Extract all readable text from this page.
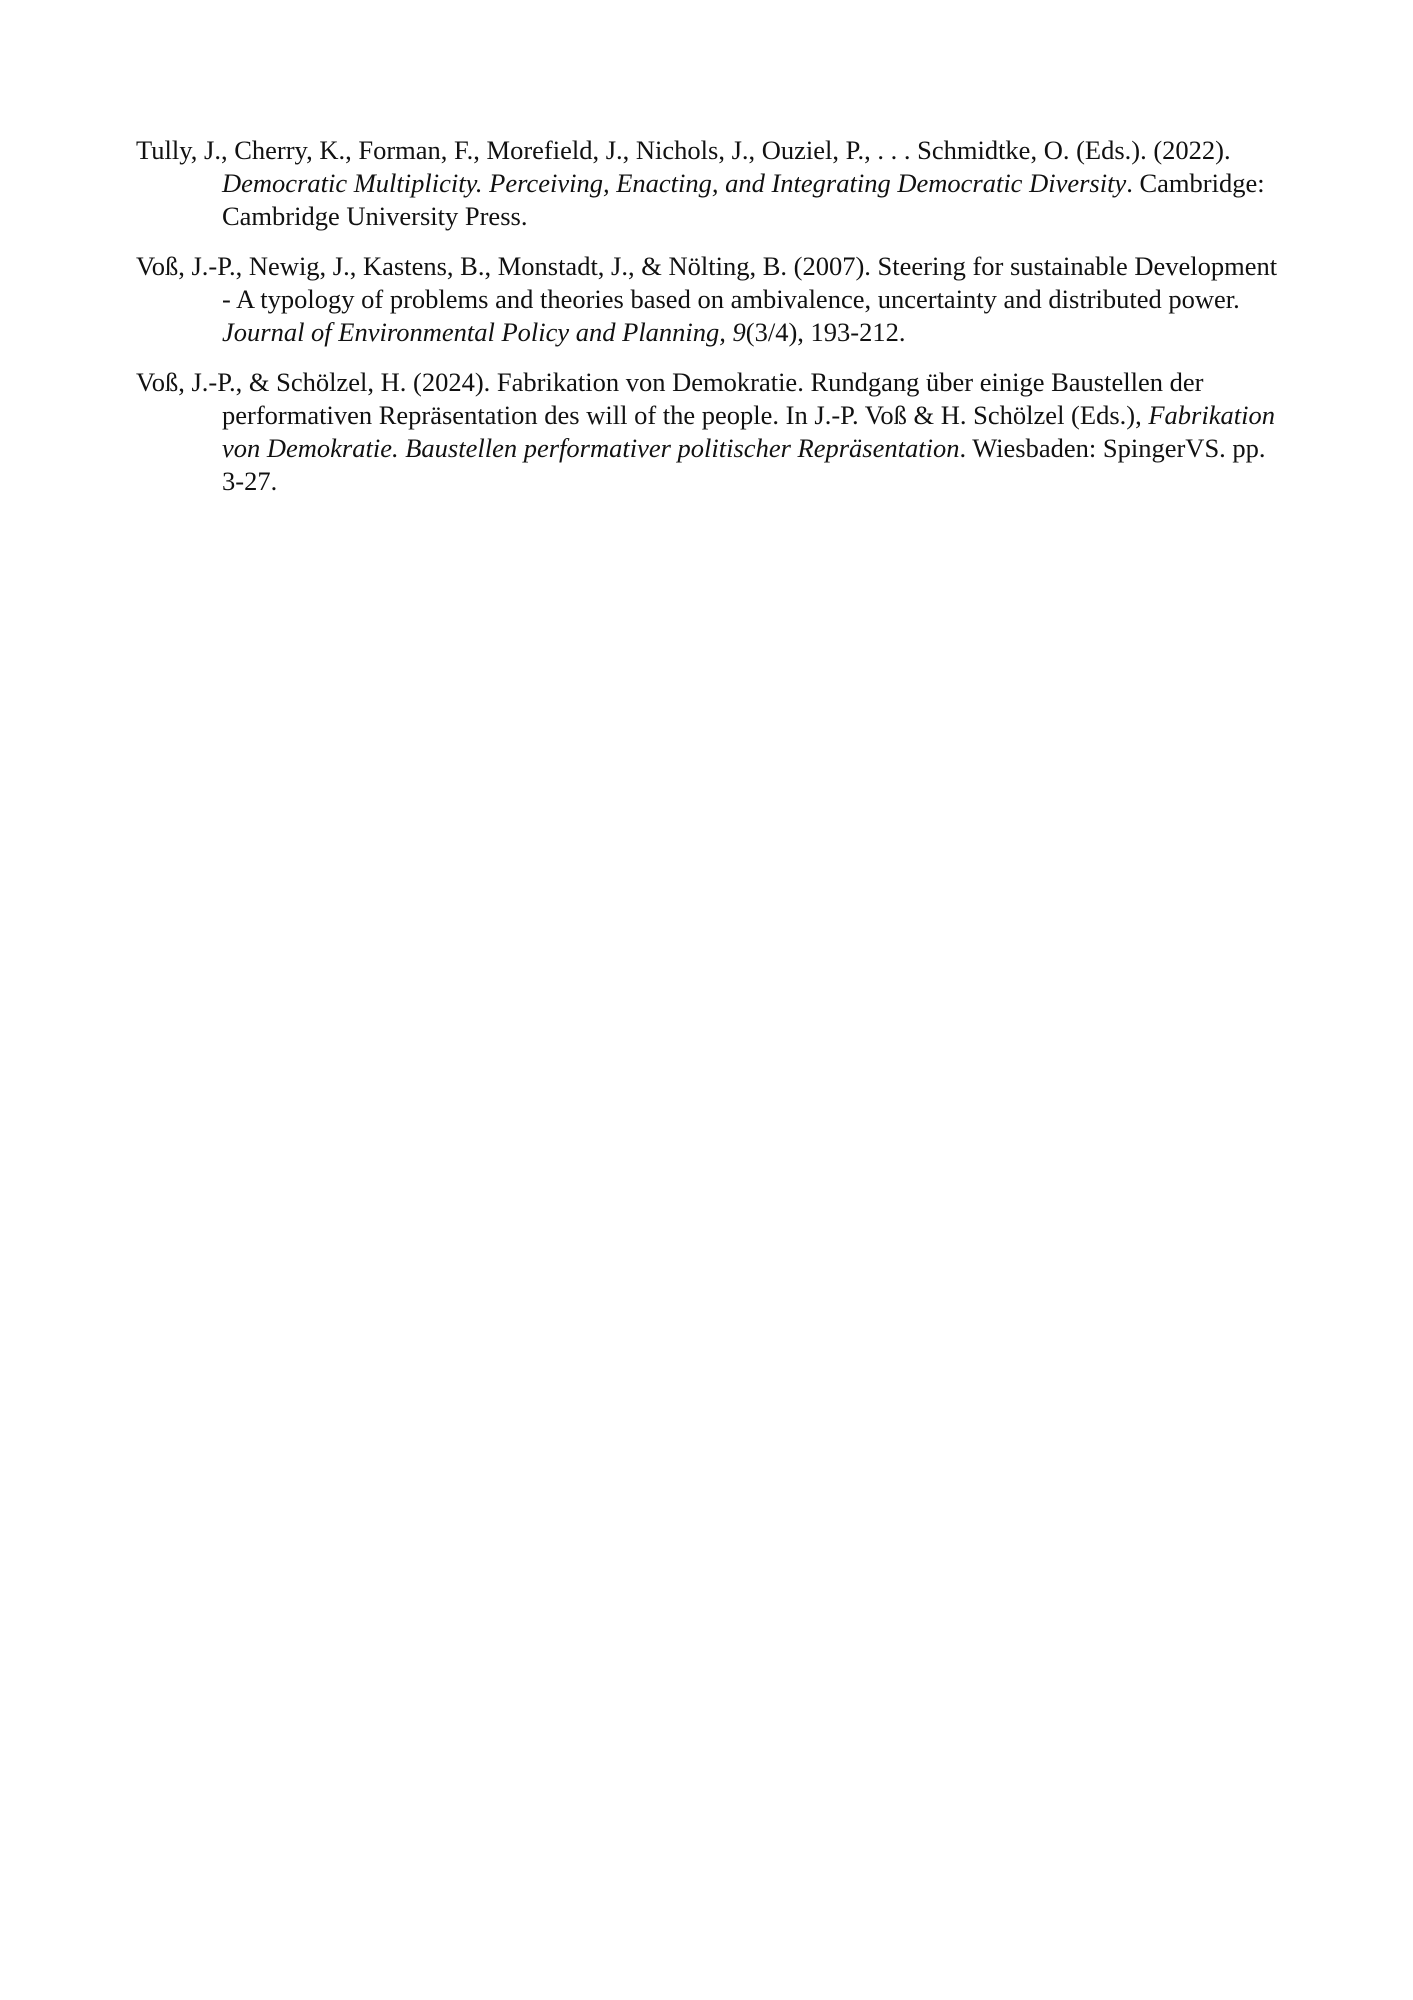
Tully, J., Cherry, K., Forman, F., Morefield, J., Nichols, J., Ouziel, P., . . . Schmidtke, O. (Eds.). (2022). Democratic Multiplicity. Perceiving, Enacting, and Integrating Democratic Diversity. Cambridge: Cambridge University Press.

Voß, J.-P., Newig, J., Kastens, B., Monstadt, J., & Nölting, B. (2007). Steering for sustainable Development - A typology of problems and theories based on ambivalence, uncertainty and distributed power. Journal of Environmental Policy and Planning, 9(3/4), 193-212.

Voß, J.-P., & Schölzel, H. (2024). Fabrikation von Demokratie. Rundgang über einige Baustellen der performativen Repräsentation des will of the people. In J.-P. Voß & H. Schölzel (Eds.), Fabrikation von Demokratie. Baustellen performativer politischer Repräsentation. Wiesbaden: SpingerVS. pp. 3-27.
